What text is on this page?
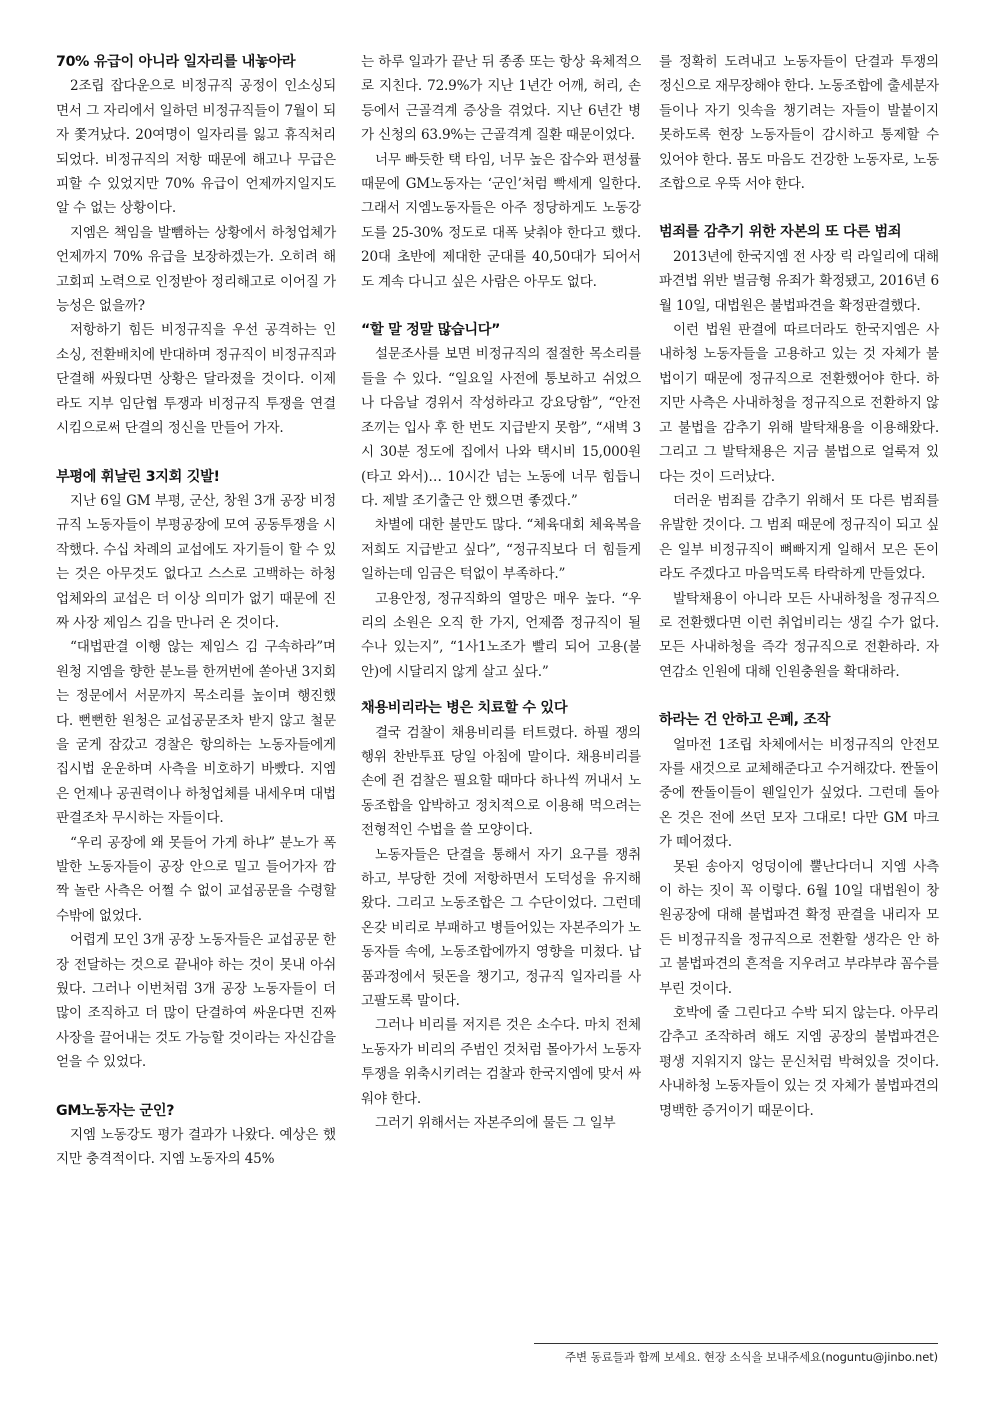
70% 유급이 아니라 일자리를 내놓아라

2조립 잡다운으로 비정규직 공정이 인소싱되면서 그 자리에서 일하던 비정규직들이 7월이 되자 쫓겨났다. 20여명이 일자리를 잃고 휴직처리되었다. 비정규직의 저항 때문에 해고나 무급은 피할 수 있었지만 70% 유급이 언제까지일지도 알 수 없는 상황이다.

지엠은 책임을 발뺌하는 상황에서 하청업체가 언제까지 70% 유급을 보장하겠는가. 오히려 해고회피 노력으로 인정받아 정리해고로 이어질 가능성은 없을까?

저항하기 힘든 비정규직을 우선 공격하는 인소싱, 전환배치에 반대하며 정규직이 비정규직과 단결해 싸웠다면 상황은 달라졌을 것이다. 이제라도 지부 임단협 투쟁과 비정규직 투쟁을 연결시킴으로써 단결의 정신을 만들어 가자.

부평에 휘날린 3지회 깃발!

지난 6일 GM 부평, 군산, 창원 3개 공장 비정규직 노동자들이 부평공장에 모여 공동투쟁을 시작했다. 수십 차례의 교섭에도 자기들이 할 수 있는 것은 아무것도 없다고 스스로 고백하는 하청업체와의 교섭은 더 이상 의미가 없기 때문에 진짜 사장 제임스 김을 만나러 온 것이다.

“대법판결 이행 않는 제임스 김 구속하라”며 원청 지엠을 향한 분노를 한꺼번에 쏟아낸 3지회는 정문에서 서문까지 목소리를 높이며 행진했다. 뻔뻔한 원청은 교섭공문조차 받지 않고 철문을 굳게 잠갔고 경찰은 항의하는 노동자들에게 집시법 운운하며 사측을 비호하기 바빴다. 지엠은 언제나 공권력이나 하청업체를 내세우며 대법판결조차 무시하는 자들이다.

“우리 공장에 왜 못들어 가게 하냐” 분노가 폭발한 노동자들이 공장 안으로 밀고 들어가자 깜짝 놀란 사측은 어쩔 수 없이 교섭공문을 수령할 수밖에 없었다.

어렵게 모인 3개 공장 노동자들은 교섭공문 한 장 전달하는 것으로 끝내야 하는 것이 못내 아쉬웠다. 그러나 이번처럼 3개 공장 노동자들이 더 많이 조직하고 더 많이 단결하여 싸운다면 진짜 사장을 끌어내는 것도 가능할 것이라는 자신감을 얻을 수 있었다.

GM노동자는 군인?

지엠 노동강도 평가 결과가 나왔다. 예상은 했지만 충격적이다. 지엠 노동자의 45%

는 하루 일과가 끝난 뒤 종종 또는 항상 육체적으로 지친다. 72.9%가 지난 1년간 어깨, 허리, 손 등에서 근골격계 증상을 겪었다. 지난 6년간 병가 신청의 63.9%는 근골격계 질환 때문이었다.

너무 빠듯한 택 타임, 너무 높은 잡수와 편성률 때문에 GM노동자는 ‘군인’처럼 빡세게 일한다. 그래서 지엠노동자들은 아주 정당하게도 노동강도를 25-30% 정도로 대폭 낮춰야 한다고 했다. 20대 초반에 제대한 군대를 40,50대가 되어서도 계속 다니고 싶은 사람은 아무도 없다.

“할 말 정말 많습니다”

설문조사를 보면 비정규직의 절절한 목소리를 들을 수 있다. “일요일 사전에 통보하고 쉬었으나 다음날 경위서 작성하라고 강요당함”, “안전조끼는 입사 후 한 번도 지급받지 못함”, “새벽 3시 30분 정도에 집에서 나와 택시비 15,000원 (타고 와서)… 10시간 넘는 노동에 너무 힘듭니다. 제발 조기출근 안 했으면 좋겠다.”

차별에 대한 불만도 많다. “체육대회 체육복을 저희도 지급받고 싶다”, “정규직보다 더 힘들게 일하는데 임금은 턱없이 부족하다.”

고용안정, 정규직화의 열망은 매우 높다. “우리의 소원은 오직 한 가지, 언제쯤 정규직이 될 수나 있는지”, “1사1노조가 빨리 되어 고용(불안)에 시달리지 않게 살고 싶다.”

채용비리라는 병은 치료할 수 있다

결국 검찰이 채용비리를 터트렸다. 하필 쟁의행위 찬반투표 당일 아침에 말이다. 채용비리를 손에 쥔 검찰은 필요할 때마다 하나씩 꺼내서 노동조합을 압박하고 정치적으로 이용해 먹으려는 전형적인 수법을 쓸 모양이다.

노동자들은 단결을 통해서 자기 요구를 쟁취하고, 부당한 것에 저항하면서 도덕성을 유지해왔다. 그리고 노동조합은 그 수단이었다. 그런데 온갖 비리로 부패하고 병들어있는 자본주의가 노동자들 속에, 노동조합에까지 영향을 미쳤다. 납품과정에서 뒷돈을 챙기고, 정규직 일자리를 사고팔도록 말이다.

그러나 비리를 저지른 것은 소수다. 마치 전체 노동자가 비리의 주범인 것처럼 몰아가서 노동자투쟁을 위축시키려는 검찰과 한국지엠에 맞서 싸워야 한다.

그러기 위해서는 자본주의에 물든 그 일부

를 정확히 도려내고 노동자들이 단결과 투쟁의 정신으로 재무장해야 한다. 노동조합에 출세분자들이나 자기 잇속을 챙기려는 자들이 발붙이지 못하도록 현장 노동자들이 감시하고 통제할 수 있어야 한다. 몸도 마음도 건강한 노동자로, 노동조합으로 우뚝 서야 한다.

범죄를 감추기 위한 자본의 또 다른 범죄

2013년에 한국지엠 전 사장 릭 라일리에 대해 파견법 위반 벌금형 유죄가 확정됐고, 2016년 6월 10일, 대법원은 불법파견을 확정판결했다.

이런 법원 판결에 따르더라도 한국지엠은 사내하청 노동자들을 고용하고 있는 것 자체가 불법이기 때문에 정규직으로 전환했어야 한다. 하지만 사측은 사내하청을 정규직으로 전환하지 않고 불법을 감추기 위해 발탁채용을 이용해왔다. 그리고 그 발탁채용은 지금 불법으로 얼룩져 있다는 것이 드러났다.

더러운 범죄를 감추기 위해서 또 다른 범죄를 유발한 것이다. 그 범죄 때문에 정규직이 되고 싶은 일부 비정규직이 뼈빠지게 일해서 모은 돈이라도 주겠다고 마음먹도록 타락하게 만들었다.

발탁채용이 아니라 모든 사내하청을 정규직으로 전환했다면 이런 취업비리는 생길 수가 없다. 모든 사내하청을 즉각 정규직으로 전환하라. 자연감소 인원에 대해 인원충원을 확대하라.

하라는 건 안하고 은폐, 조작

얼마전 1조립 차체에서는 비정규직의 안전모자를 새것으로 교체해준다고 수거해갔다. 짠돌이 중에 짠돌이들이 웬일인가 싶었다. 그런데 돌아온 것은 전에 쓰던 모자 그대로! 다만 GM 마크가 떼어졌다.

못된 송아지 엉덩이에 뿔난다더니 지엠 사측이 하는 짓이 꼭 이렇다. 6월 10일 대법원이 창원공장에 대해 불법파견 확정 판결을 내리자 모든 비정규직을 정규직으로 전환할 생각은 안 하고 불법파견의 흔적을 지우려고 부랴부랴 꼼수를 부린 것이다.

호박에 줄 그린다고 수박 되지 않는다. 아무리 감추고 조작하려 해도 지엠 공장의 불법파견은 평생 지워지지 않는 문신처럼 박혀있을 것이다. 사내하청 노동자들이 있는 것 자체가 불법파견의 명백한 증거이기 때문이다.

주변 동료들과 함께 보세요. 현장 소식을 보내주세요(noguntu@jinbo.net)
